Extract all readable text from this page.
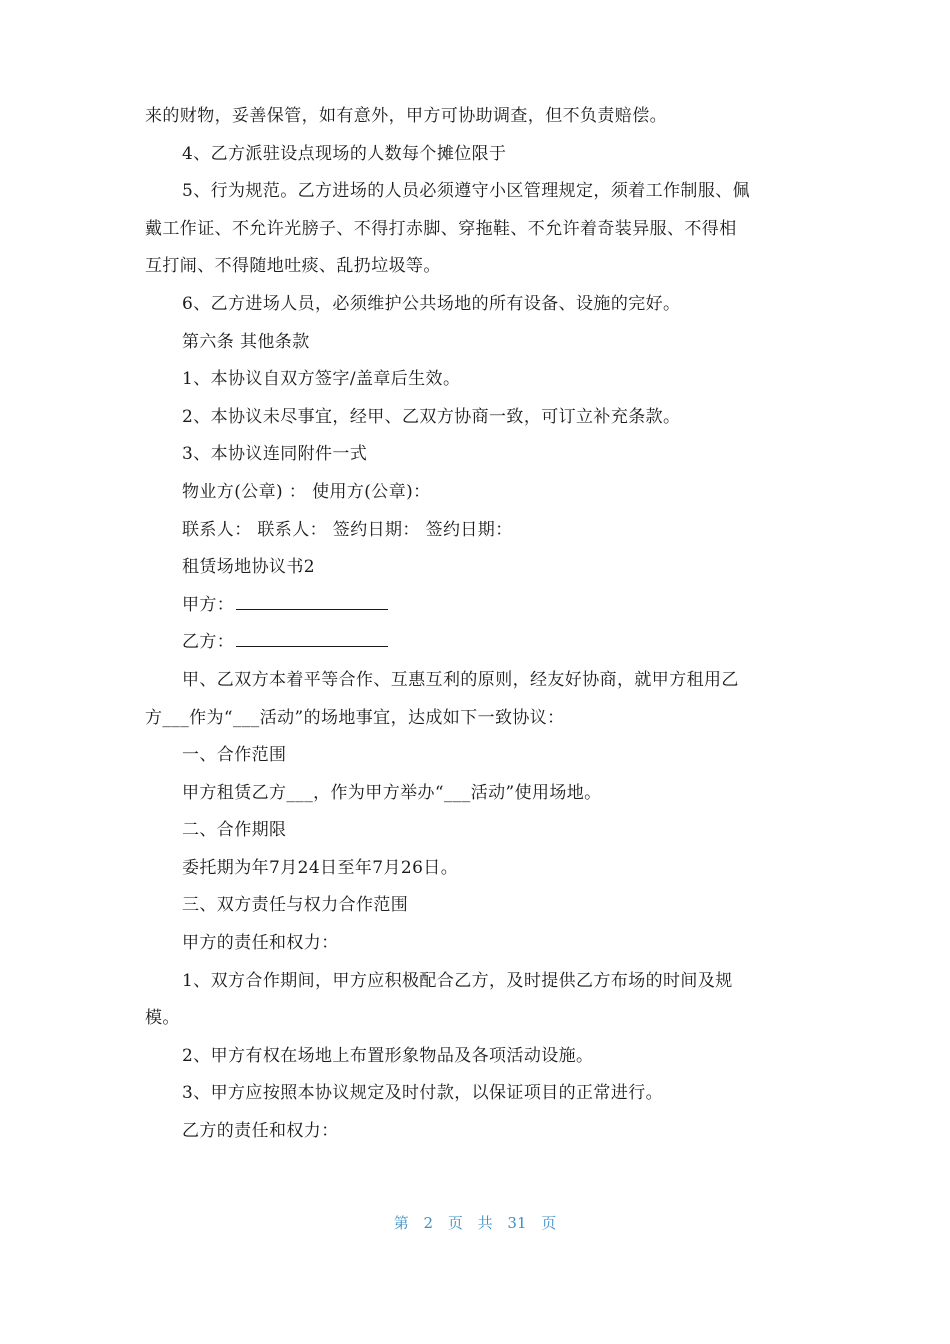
来的财物，妥善保管，如有意外，甲方可协助调查，但不负责赔偿。
4、乙方派驻设点现场的人数每个摊位限于
5、行为规范。乙方进场的人员必须遵守小区管理规定，须着工作制服、佩
戴工作证、不允许光膀子、不得打赤脚、穿拖鞋、不允许着奇装异服、不得相
互打闹、不得随地吐痰、乱扔垃圾等。
6、乙方进场人员，必须维护公共场地的所有设备、设施的完好。
第六条 其他条款
1、本协议自双方签字/盖章后生效。
2、本协议未尽事宜，经甲、乙双方协商一致，可订立补充条款。
3、本协议连同附件一式
物业方(公章) ： 使用方(公章)：
联系人： 联系人： 签约日期： 签约日期：
租赁场地协议书2
甲方：
乙方：
甲、乙双方本着平等合作、互惠互利的原则，经友好协商，就甲方租用乙
方___作为“___活动”的场地事宜，达成如下一致协议：
一、合作范围
甲方租赁乙方___，作为甲方举办“___活动”使用场地。
二、合作期限
委托期为年7月24日至年7月26日。
三、双方责任与权力合作范围
甲方的责任和权力：
1、双方合作期间，甲方应积极配合乙方，及时提供乙方布场的时间及规
模。
2、甲方有权在场地上布置形象物品及各项活动设施。
3、甲方应按照本协议规定及时付款，以保证项目的正常进行。
乙方的责任和权力：
第 2 页 共 31 页
